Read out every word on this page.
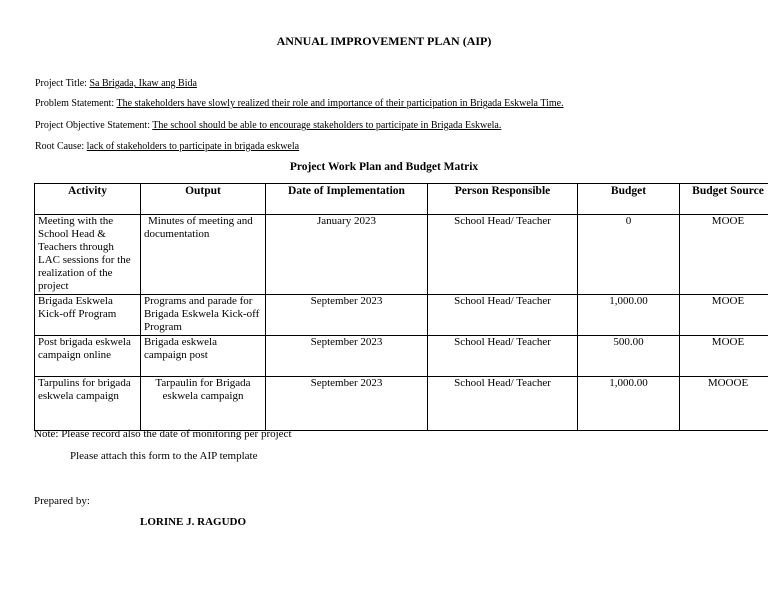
ANNUAL IMPROVEMENT PLAN (AIP)
Project Title: Sa Brigada, Ikaw ang Bida
Problem Statement: The stakeholders have slowly realized their role and importance of their participation in Brigada Eskwela Time.
Project Objective Statement: The school should be able to encourage stakeholders to participate in Brigada Eskwela.
Root Cause: lack of stakeholders to participate in brigada eskwela
Project Work Plan and Budget Matrix
Activity	Output	Date of Implementation	Person Responsible	Budget	Budget Source
Meeting with the School Head & Teachers through LAC sessions for the realization of the project	Minutes of meeting and documentation	January 2023	School Head/ Teacher	0	MOOE
Brigada Eskwela Kick-off Program	Programs and parade for Brigada Eskwela Kick-off Program	September 2023	School Head/ Teacher	1,000.00	MOOE
Post brigada eskwela campaign online	Brigada eskwela campaign post	September 2023	School Head/ Teacher	500.00	MOOE
Tarpulins for brigada eskwela campaign	Tarpaulin for Brigada eskwela campaign	September 2023	School Head/ Teacher	1,000.00	MOOOE
Note: Please record also the date of monitoring per project
Please attach this form to the AIP template
Prepared by:
LORINE J. RAGUDO
